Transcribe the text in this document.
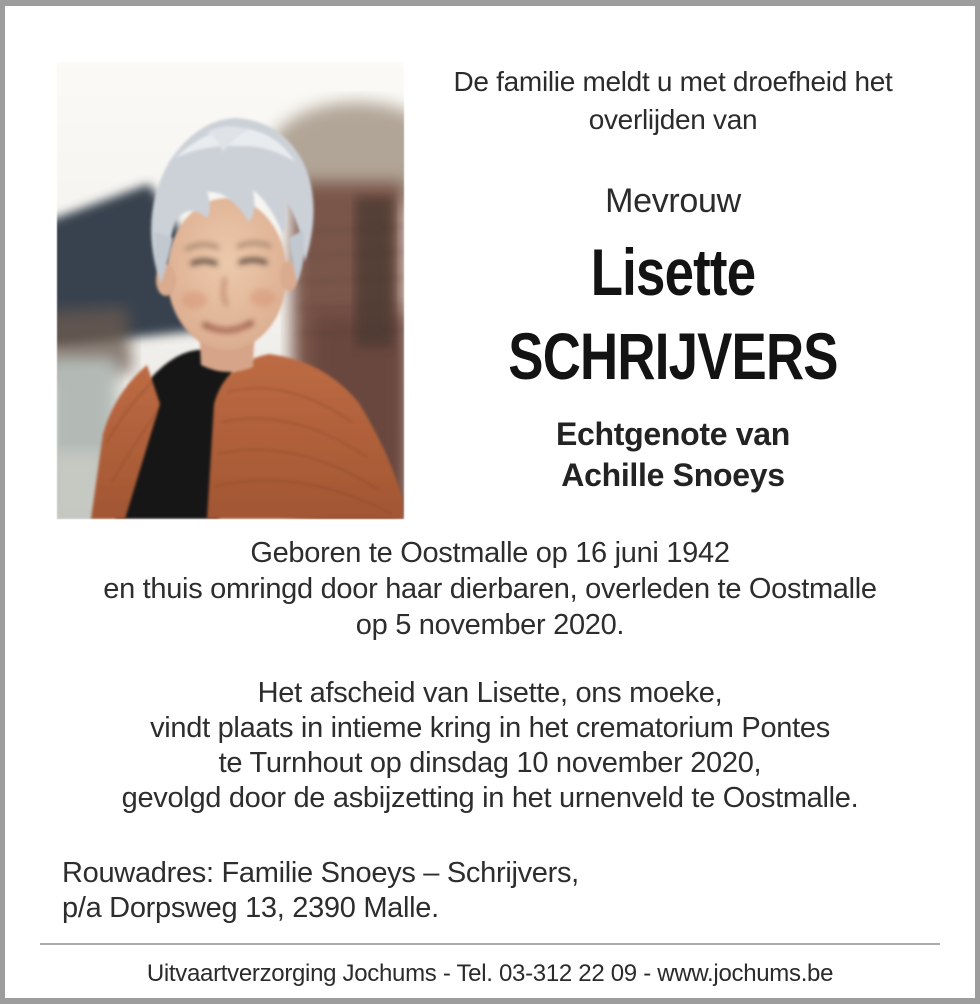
De familie meldt u met droefheid het
overlijden van
Mevrouw
Lisette
SCHRIJVERS
Echtgenote van
Achille Snoeys
Geboren te Oostmalle op 16 juni 1942
en thuis omringd door haar dierbaren, overleden te Oostmalle
op 5 november 2020.
Het afscheid van Lisette, ons moeke,
vindt plaats in intieme kring in het crematorium Pontes
te Turnhout op dinsdag 10 november 2020,
gevolgd door de asbijzetting in het urnenveld te Oostmalle.
Rouwadres: Familie Snoeys – Schrijvers,
p/a Dorpsweg 13, 2390 Malle.
Uitvaartverzorging Jochums - Tel. 03-312 22 09 - www.jochums.be
